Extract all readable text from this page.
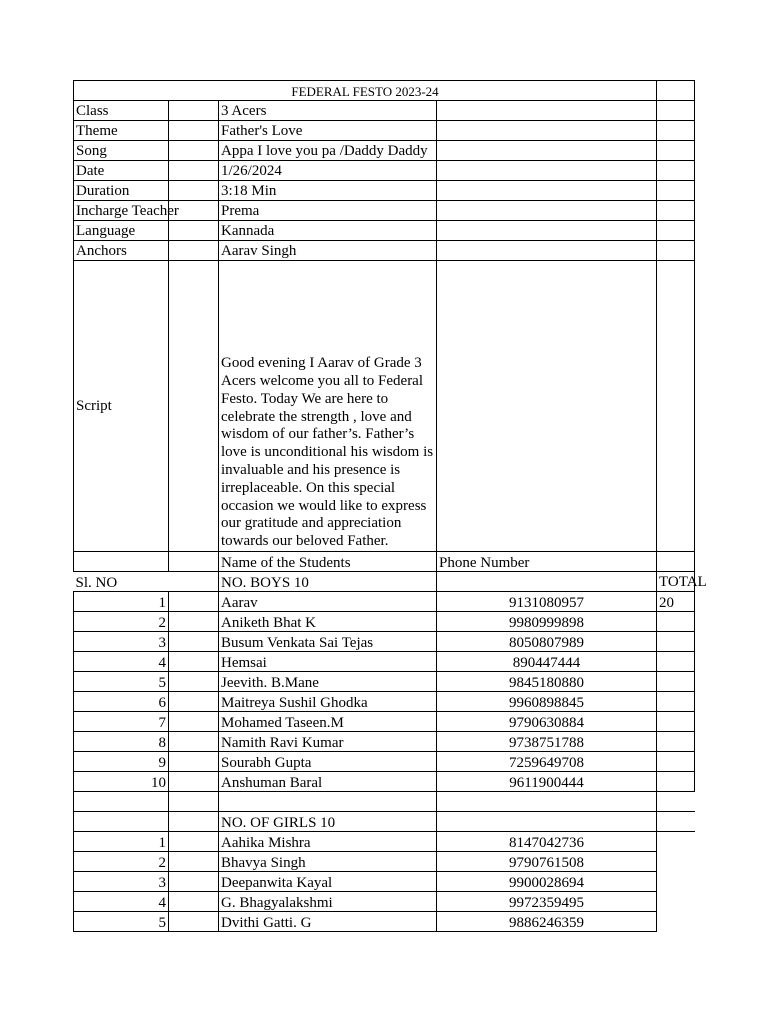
FEDERAL FESTO 2023-24				

Class		3 Acers		

Theme		Father's Love		

Song		Appa I love you pa /Daddy Daddy		

Date		1/26/2024		

Duration		3:18 Min		

Incharge Teacher		Prema		

Language		Kannada		

Anchors		Aarav Singh		

Script		Good evening I Aarav of Grade 3 Acers welcome you all to Federal Festo. Today We are here to celebrate the strength , love and wisdom of our father’s. Father’s love is unconditional his wisdom is invaluable and his presence is irreplaceable. On this special occasion we would like to express our gratitude and appreciation towards our beloved Father.		
		Name of the Students	Phone Number	
Sl. NO		NO. BOYS 10		TOTAL

1		Aarav	9131080957	20
2		Aniketh Bhat K	9980999898	
3		Busum Venkata Sai Tejas	8050807989	
4		Hemsai	890447444	
5		Jeevith. B.Mane	9845180880	
6		Maitreya Sushil Ghodka	9960898845	
7		Mohamed Taseen.M	9790630884	
8		Namith Ravi Kumar	9738751788	
9		Sourabh Gupta	7259649708	
10		Anshuman Baral	9611900444	

		NO. OF GIRLS 10		
1		Aahika Mishra	8147042736	
2		Bhavya Singh	9790761508	
3		Deepanwita Kayal	9900028694	
4		G. Bhagyalakshmi	9972359495	
5		Dvithi Gatti. G	9886246359	
